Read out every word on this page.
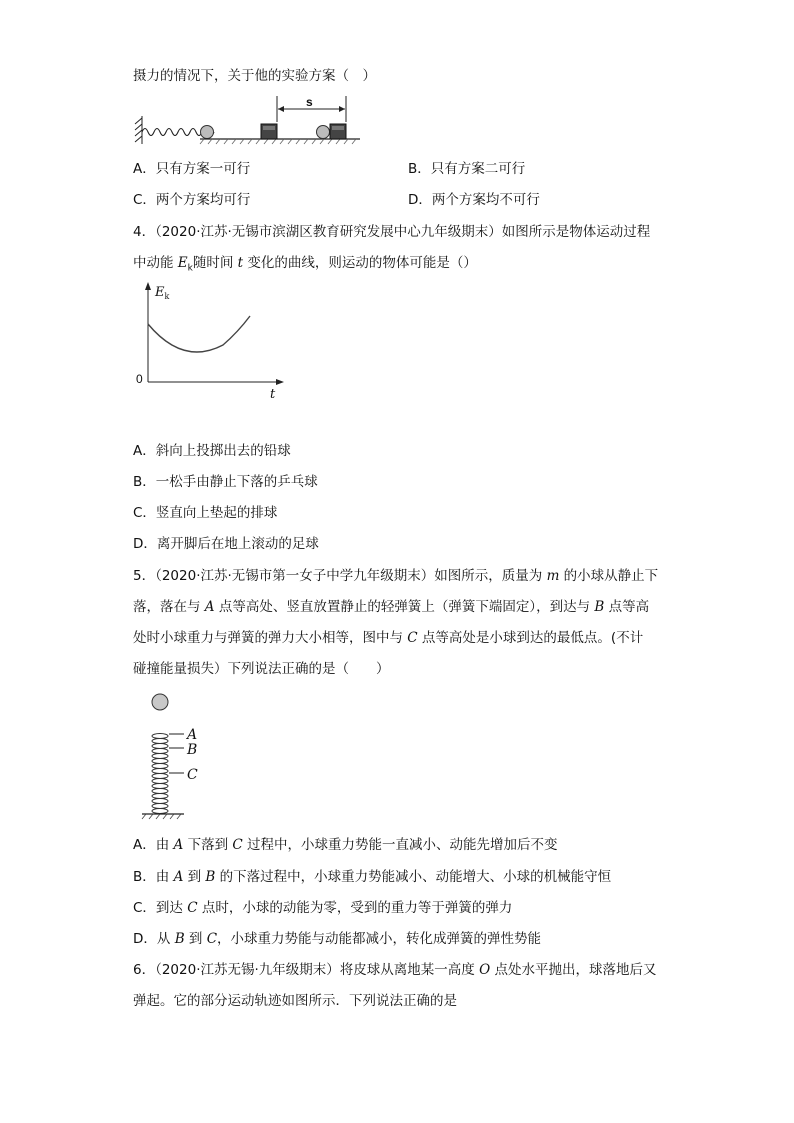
摄力的情况下，关于他的实验方案（　）
s
A．只有方案一可行	B．只有方案二可行
C．两个方案均可行	D．两个方案均不可行
4．（2020·江苏·无锡市滨湖区教育研究发展中心九年级期末）如图所示是物体运动过程
中动能 $E_k$随时间 t 变化的曲线，则运动的物体可能是（）
$E_k$
0
t
A．斜向上投掷出去的铅球
B．一松手由静止下落的乒乓球
C．竖直向上垫起的排球
D．离开脚后在地上滚动的足球
5．（2020·江苏·无锡市第一女子中学九年级期末）如图所示，质量为 m 的小球从静止下
落，落在与 A 点等高处、竖直放置静止的轻弹簧上（弹簧下端固定），到达与 B 点等高
处时小球重力与弹簧的弹力大小相等，图中与 C 点等高处是小球到达的最低点。(不计
碰撞能量损失）下列说法正确的是（　　）
A
B
C
A．由 A 下落到 C 过程中，小球重力势能一直减小、动能先增加后不变
B．由 A 到 B 的下落过程中，小球重力势能减小、动能增大、小球的机械能守恒
C．到达 C 点时，小球的动能为零，受到的重力等于弹簧的弹力
D．从 B 到 C，小球重力势能与动能都减小，转化成弹簧的弹性势能
6．（2020·江苏无锡·九年级期末）将皮球从离地某一高度 O 点处水平抛出，球落地后又
弹起。它的部分运动轨迹如图所示．下列说法正确的是
